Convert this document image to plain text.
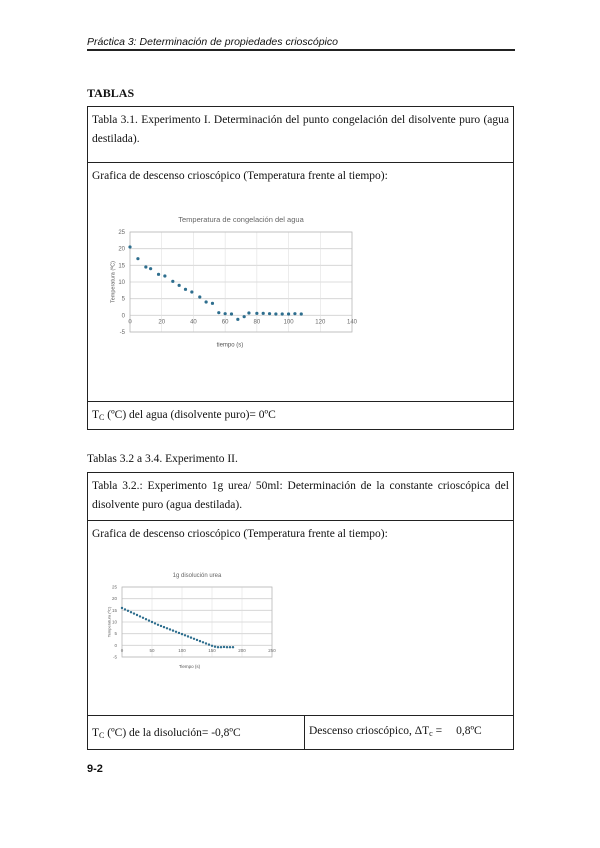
Práctica 3: Determinación de propiedades crioscópico
TABLAS
Tabla 3.1. Experimento I. Determinación del punto congelación del disolvente puro (agua destilada).
Grafica de descenso crioscópico (Temperatura frente al tiempo):
Temperatura de congelación del agua
-5
0
5
10
15
20
25
0	20	40	60	80	100	120	140
tiempo (s)
Temperatura (ºC)
$T_C$ (ºC) del agua (disolvente puro)= 0ºC
Tablas 3.2 a 3.4. Experimento II.
Tabla 3.2.: Experimento 1g urea/ 50ml: Determinación de la constante crioscópica del disolvente puro (agua destilada).
Grafica de descenso crioscópico (Temperatura frente al tiempo):
1g disolución urea
-5
0
5
10
15
20
25
0	50	100	150	200	250
Tiempo (s)
Temperatura (ºC)
$T_C$ (ºC) de la disolución= -0,8ºC	Descenso crioscópico, $\Delta T_c$ = 0,8ºC
9-2
